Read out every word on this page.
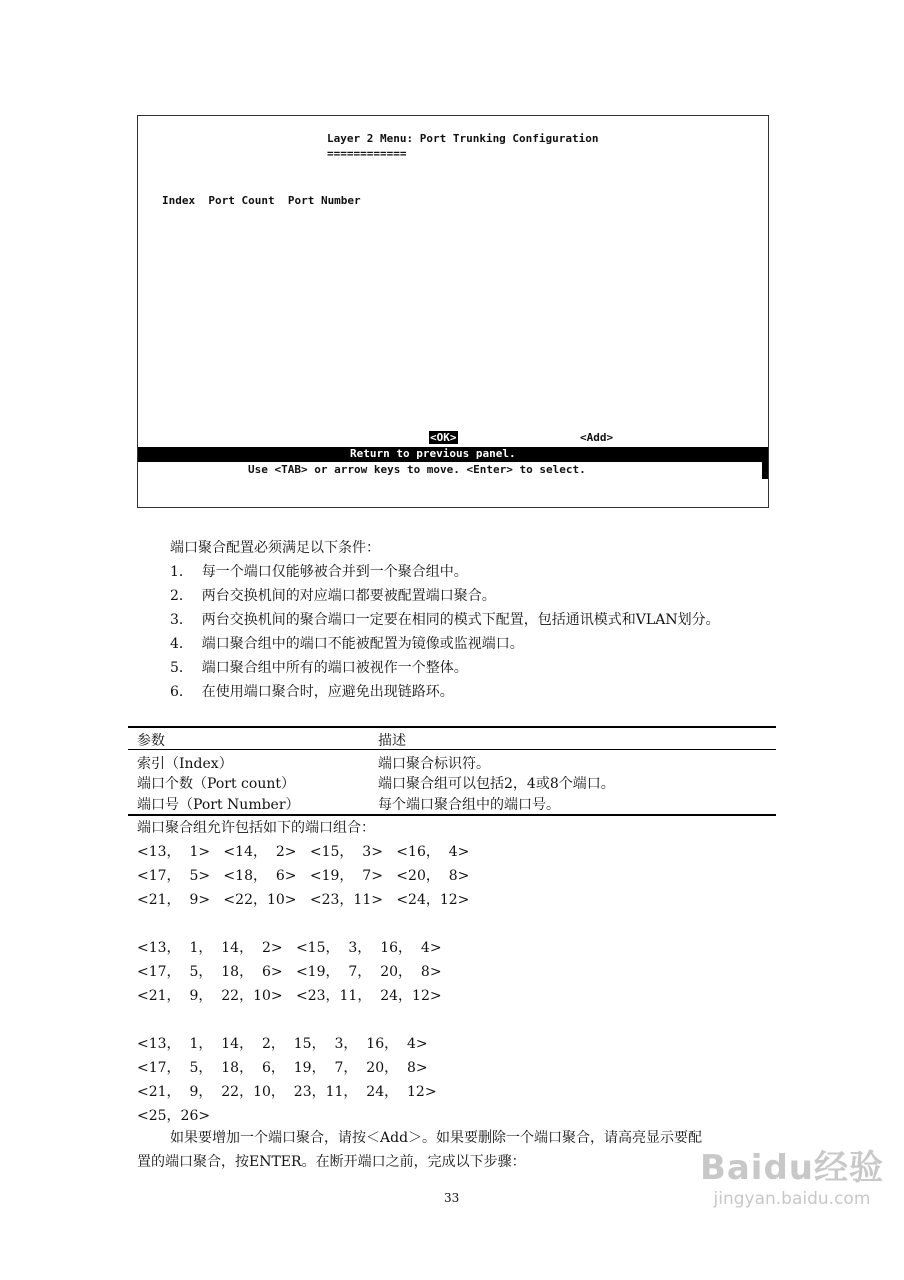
Layer 2 Menu: Port Trunking Configuration
============
Index  Port Count  Port Number
<OK>	<Add>
Return to previous panel.
Use <TAB> or arrow keys to move. <Enter> to select.
端口聚合配置必须满足以下条件：
1．  每一个端口仅能够被合并到一个聚合组中。
2．  两台交换机间的对应端口都要被配置端口聚合。
3．  两台交换机间的聚合端口一定要在相同的模式下配置，包括通讯模式和VLAN划分。
4．  端口聚合组中的端口不能被配置为镜像或监视端口。
5．  端口聚合组中所有的端口被视作一个整体。
6．  在使用端口聚合时，应避免出现链路环。
参数	描述
索引（Index）	端口聚合标识符。
端口个数（Port count）	端口聚合组可以包括2，4或8个端口。
端口号（Port Number）	每个端口聚合组中的端口号。
端口聚合组允许包括如下的端口组合：
<13，  1>   <14，  2>   <15，  3>   <16，  4>
<17，  5>   <18，  6>   <19，  7>   <20，  8>
<21，  9>   <22，10>   <23，11>   <24，12>
<13，  1，  14，  2>   <15，  3，  16，  4>
<17，  5，  18，  6>   <19，  7，  20，  8>
<21，  9，  22，10>   <23，11，  24，12>
<13，  1，  14，  2，  15，  3，  16，  4>
<17，  5，  18，  6，  19，  7，  20，  8>
<21，  9，  22，10，  23，11，  24，  12>
<25，26>
如果要增加一个端口聚合，请按＜Add＞。如果要删除一个端口聚合，请高亮显示要配
置的端口聚合，按ENTER。在断开端口之前，完成以下步骤：
33
Baidu经验
jingyan.baidu.com
